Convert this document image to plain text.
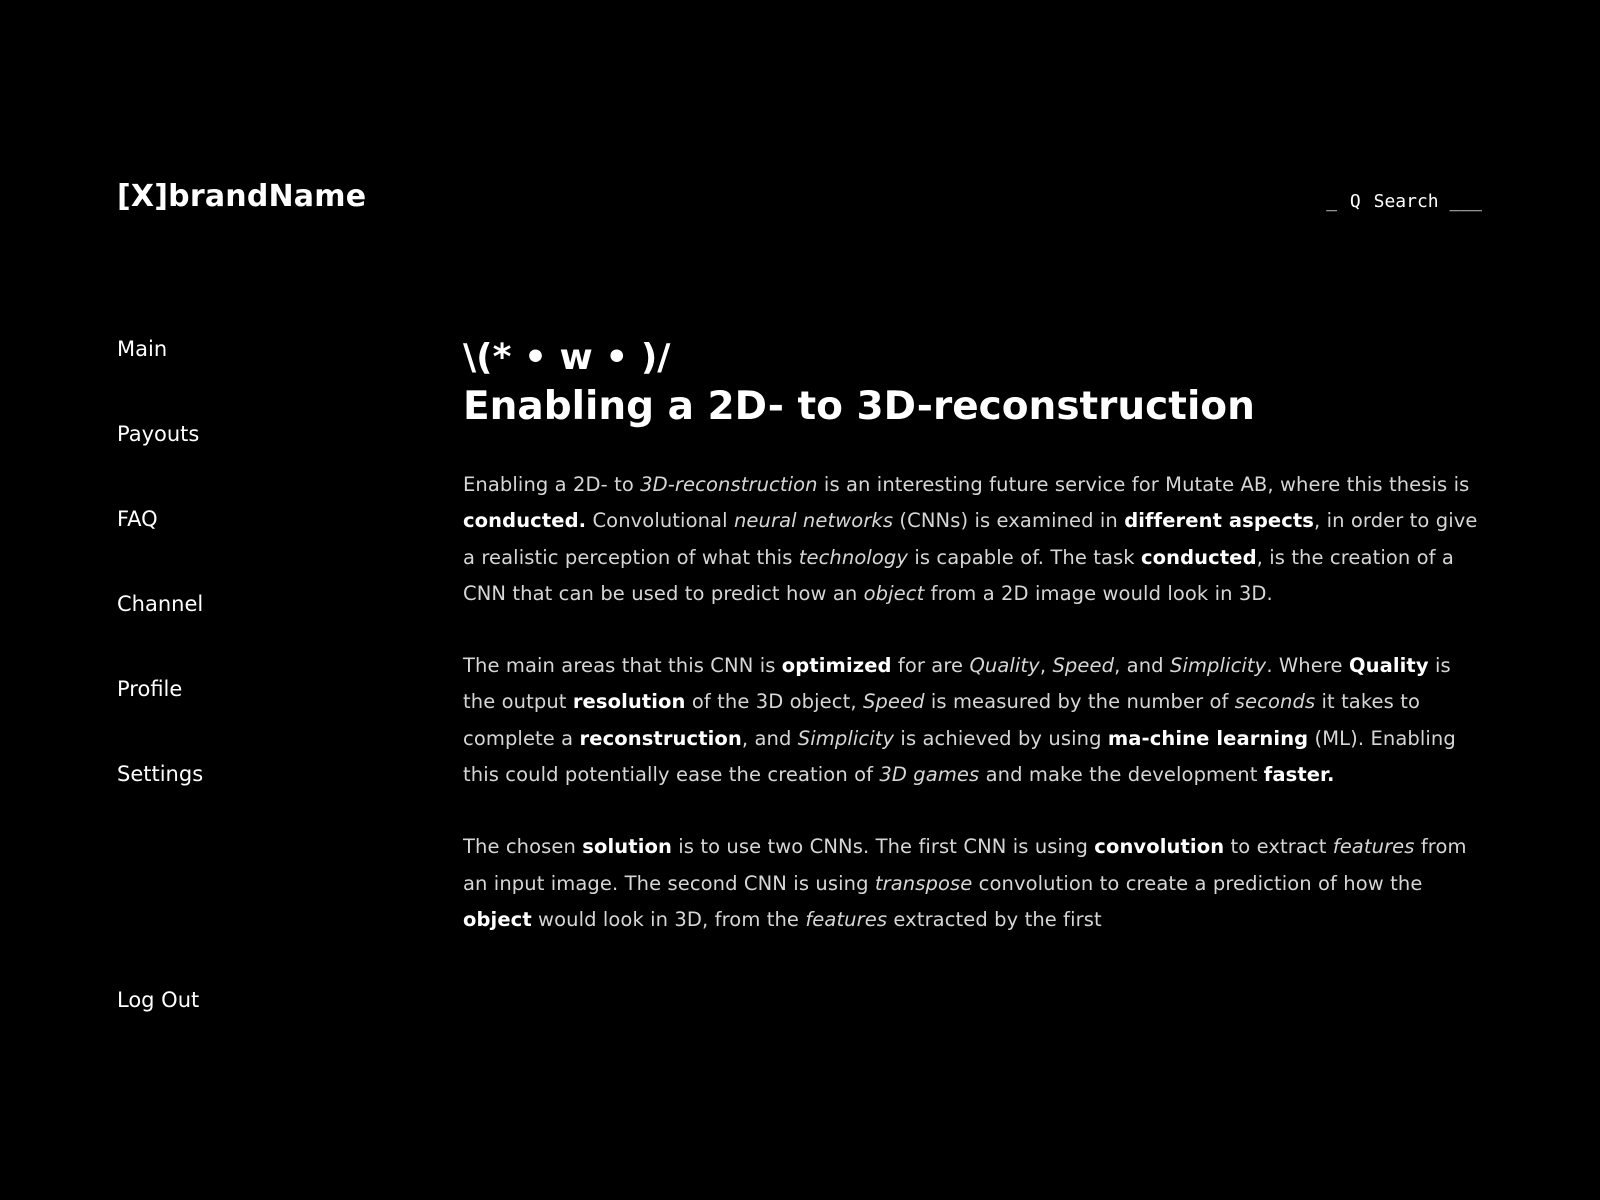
[X]brandName	_ Q Search ___
Main
Payouts
FAQ
Channel
Profile
Settings
Log Out
\(* • w • )/
Enabling a 2D- to 3D-reconstruction

Enabling a 2D- to 3D-reconstruction is an interesting future service for Mutate AB, where this thesis is conducted. Convolutional neural networks (CNNs) is examined in different aspects, in order to give a realistic perception of what this technology is capable of. The task conducted, is the creation of a CNN that can be used to predict how an object from a 2D image would look in 3D.

The main areas that this CNN is optimized for are Quality, Speed, and Simplicity. Where Quality is the output resolution of the 3D object, Speed is measured by the number of seconds it takes to complete a reconstruction, and Simplicity is achieved by using ma-chine learning (ML). Enabling this could potentially ease the creation of 3D games and make the development faster.

The chosen solution is to use two CNNs. The first CNN is using convolution to extract features from an input image. The second CNN is using transpose convolution to create a prediction of how the object would look in 3D, from the features extracted by the first
